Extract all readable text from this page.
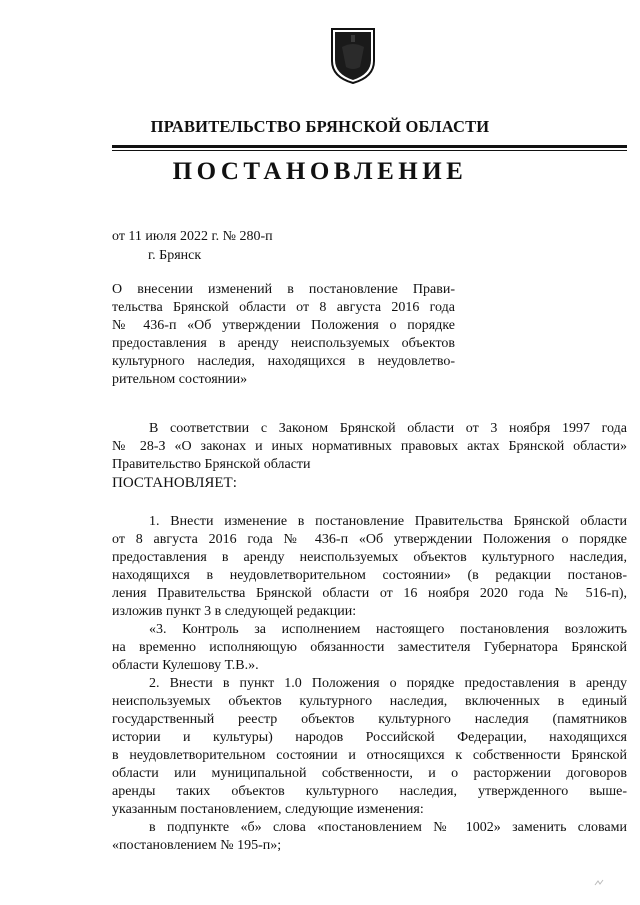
ПРАВИТЕЛЬСТВО БРЯНСКОЙ ОБЛАСТИ
ПОСТАНОВЛЕНИЕ
от 11 июля 2022 г. № 280-п
г. Брянск
О внесении изменений в постановление Прави-
тельства Брянской области от 8 августа 2016 года
№ 436-п «Об утверждении Положения о порядке
предоставления в аренду неиспользуемых объектов
культурного наследия, находящихся в неудовлетво-
рительном состоянии»
В соответствии с Законом Брянской области от 3 ноября 1997 года
№ 28-З «О законах и иных нормативных правовых актах Брянской области»
Правительство Брянской области
ПОСТАНОВЛЯЕТ:
1. Внести изменение в постановление Правительства Брянской области
от 8 августа 2016 года № 436-п «Об утверждении Положения о порядке
предоставления в аренду неиспользуемых объектов культурного наследия,
находящихся в неудовлетворительном состоянии» (в редакции постанов-
ления Правительства Брянской области от 16 ноября 2020 года № 516-п),
изложив пункт 3 в следующей редакции:
«3. Контроль за исполнением настоящего постановления возложить
на временно исполняющую обязанности заместителя Губернатора Брянской
области Кулешову Т.В.».
2. Внести в пункт 1.0 Положения о порядке предоставления в аренду
неиспользуемых объектов культурного наследия, включенных в единый
государственный реестр объектов культурного наследия (памятников
истории и культуры) народов Российской Федерации, находящихся
в неудовлетворительном состоянии и относящихся к собственности Брянской
области или муниципальной собственности, и о расторжении договоров
аренды таких объектов культурного наследия, утвержденного выше-
указанным постановлением, следующие изменения:
в подпункте «б» слова «постановлением № 1002» заменить словами
«постановлением № 195-п»;
